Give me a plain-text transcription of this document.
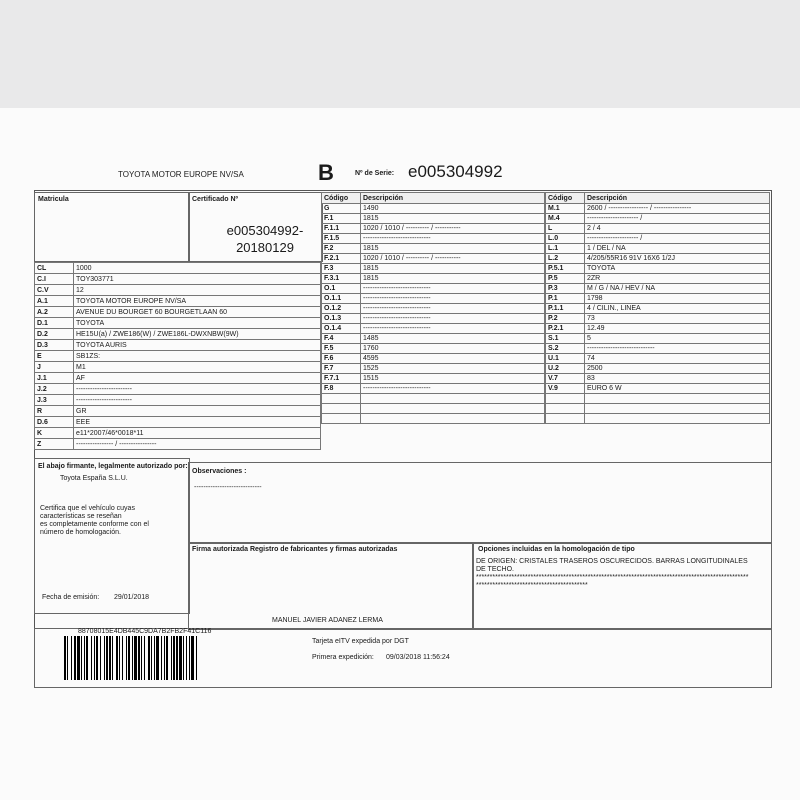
TOYOTA MOTOR EUROPE NV/SA	B	Nº de Serie: e005304992
Matricula	Certificado Nº
e005304992-
20180129
CL	1000
C.I	TOY303771
C.V	12
A.1	TOYOTA MOTOR EUROPE NV/SA
A.2	AVENUE DU BOURGET 60 BOURGETLAAN 60
D.1	TOYOTA
D.2	HE15U(a) / ZWE186(W) / ZWE186L-DWXNBW(9W)
D.3	TOYOTA AURIS
E	SB1ZS:
J	M1
J.1	AF
J.2	------------------------
J.3	------------------------
R	GR
D.6	EEE
K	e11*2007/46*0018*11
Z	---------------- / ----------------
Código	Descripción
G	1490
F.1	1815
F.1.1	1020 / 1010 / ---------- / -----------
F.1.5	-----------------------------
F.2	1815
F.2.1	1020 / 1010 / ---------- / -----------
F.3	1815
F.3.1	1815
O.1	-----------------------------
O.1.1	-----------------------------
O.1.2	-----------------------------
O.1.3	-----------------------------
O.1.4	-----------------------------
F.4	1485
F.5	1760
F.6	4595
F.7	1525
F.7.1	1515
F.8	-----------------------------

Código	Descripción
M.1	2600 / ----------------- / ----------------
M.4	---------------------- /
L	2 / 4
L.0	---------------------- /
L.1	1 / DEL / NA
L.2	4/205/55R16 91V 16X6 1/2J
P.5.1	TOYOTA
P.5	2ZR
P.3	M / G / NA / HEV / NA
P.1	1798
P.1.1	4 / CILIN., LINEA
P.2	73
P.2.1	12.49
S.1	5
S.2	-----------------------------
U.1	74
U.2	2500
V.7	83
V.9	EURO 6 W

El abajo firmante, legalmente autorizado por:
Toyota España S.L.U.
Certifica que el vehículo cuyas
características se reseñan
es completamente conforme con el
número de homologación.
Fecha de emisión: 29/01/2018
Observaciones :
-----------------------------
Firma autorizada Registro de fabricantes y firmas autorizadas
MANUEL JAVIER ADANEZ LERMA
Opciones incluidas en la homologación de tipo
DE ORIGEN: CRISTALES TRASEROS OSCURECIDOS. BARRAS LONGITUDINALES
DE TECHO.
****************************************************************************************************
*****************************************
88708015E4DB445C9DA7B2FB2F41C116
Tarjeta eITV expedida por DGT
Primera expedición: 09/03/2018 11:56:24
